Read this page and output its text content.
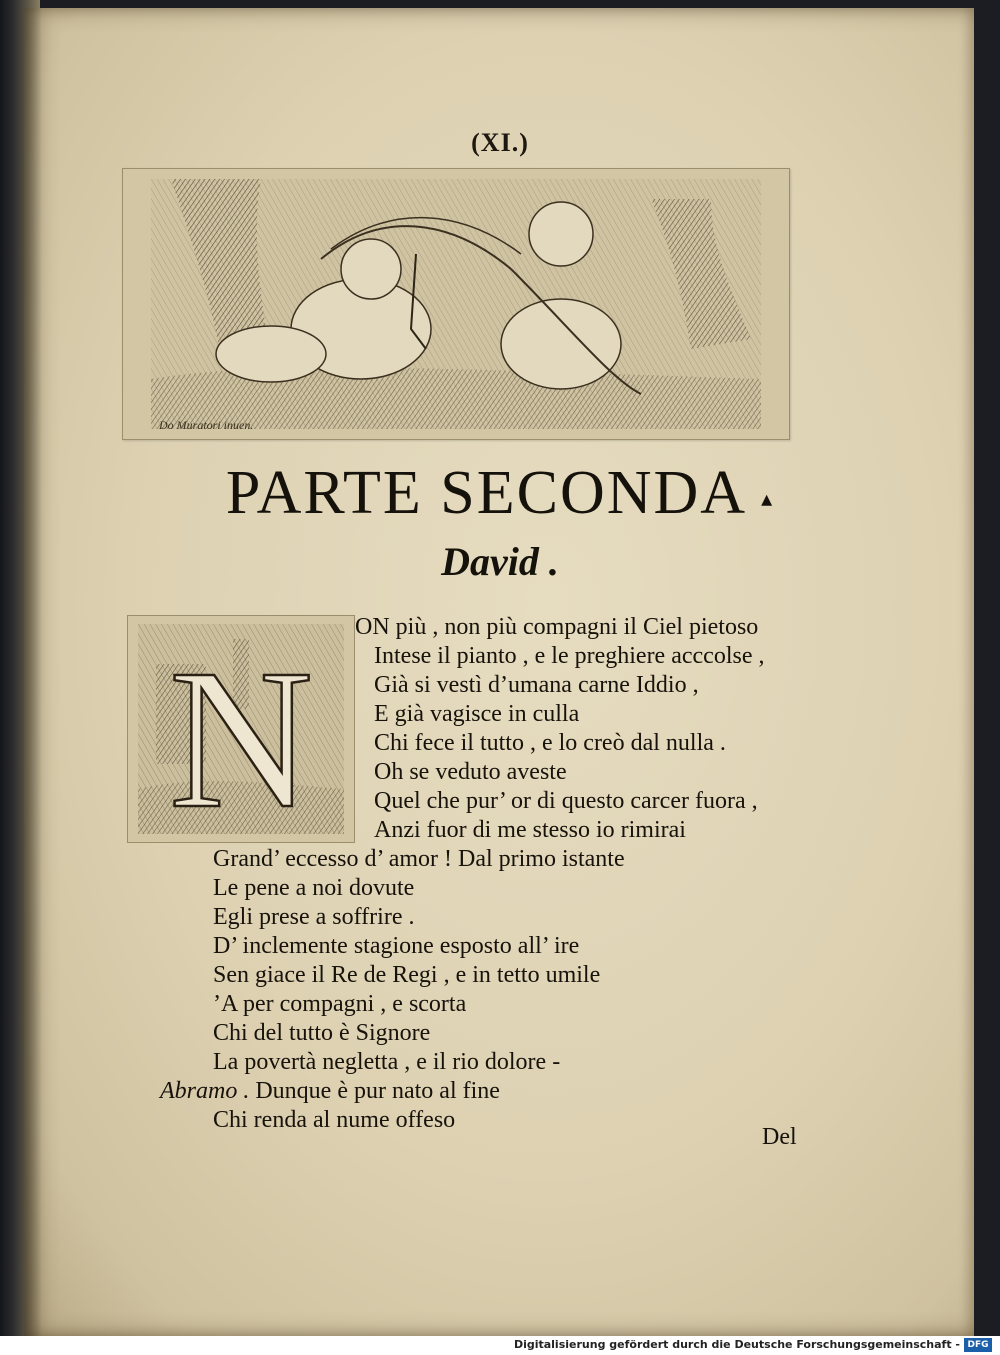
(XI.)
Do Muratori inuen.
PARTE SECONDA ▴
David .
N
ON più , non più compagni il Ciel pietoso
Intese il pianto , e le preghiere acccolse ,
Già si vestì d’umana carne Iddio ,
E già vagisce in culla
Chi fece il tutto , e lo creò dal nulla .
Oh se veduto aveste
Quel che pur’ or di questo carcer fuora ,
Anzi fuor di me stesso io rimirai
Grand’ eccesso d’ amor ! Dal primo istante
Le pene a noi dovute
Egli prese a soffrire .
D’ inclemente stagione esposto all’ ire
Sen giace il Re de Regi , e in tetto umile
’A per compagni , e scorta
Chi del tutto è Signore
La povertà negletta , e il rio dolore -
Abramo . Dunque è pur nato al fine
Chi renda al nume offeso
Del
Digitalisierung gefördert durch die Deutsche Forschungsgemeinschaft - DFG
